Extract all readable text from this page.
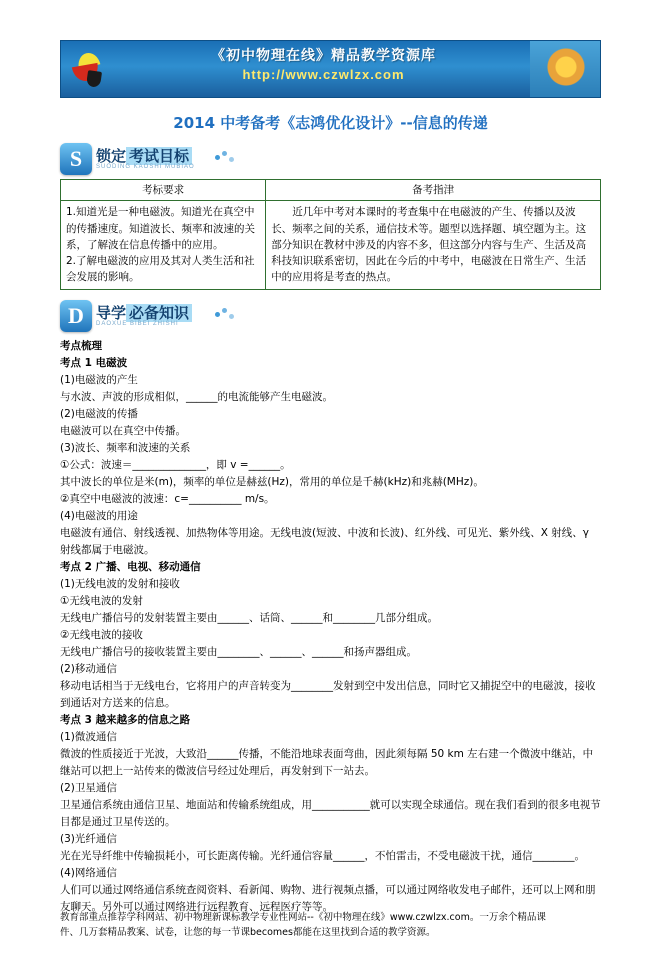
《初中物理在线》精品教学资源库
http://www.czwlzx.com
2014 中考备考《志鸿优化设计》--信息的传递
S 锁定 考试目标
SUODING KAOSHI MUBIAO
考标要求	备考指津

1.知道光是一种电磁波。知道光在真空中的传播速度。知道波长、频率和波速的关系，了解波在信息传播中的应用。

2.了解电磁波的应用及其对人类生活和社会发展的影响。	近几年中考对本课时的考查集中在电磁波的产生、传播以及波长、频率之间的关系，通信技术等。题型以选择题、填空题为主。这部分知识在教材中涉及的内容不多，但这部分内容与生产、生活及高科技知识联系密切，因此在今后的中考中，电磁波在日常生产、生活中的应用将是考查的热点。

D 导学 必备知识
DAOXUE BIBEI ZHISHI

考点梳理

考点 1 电磁波

(1)电磁波的产生

与水波、声波的形成相似，______的电流能够产生电磁波。

(2)电磁波的传播

电磁波可以在真空中传播。

(3)波长、频率和波速的关系

①公式：波速＝______________，即 v =______。

其中波长的单位是米(m)，频率的单位是赫兹(Hz)，常用的单位是千赫(kHz)和兆赫(MHz)。

②真空中电磁波的波速：c=__________ m/s。

(4)电磁波的用途

电磁波有通信、射线透视、加热物体等用途。无线电波(短波、中波和长波)、红外线、可见光、紫外线、X 射线、γ 射线都属于电磁波。

考点 2 广播、电视、移动通信

(1)无线电波的发射和接收

①无线电波的发射

无线电广播信号的发射装置主要由______、话筒、______和________几部分组成。

②无线电波的接收

无线电广播信号的接收装置主要由________、______、______和扬声器组成。

(2)移动通信

移动电话相当于无线电台，它将用户的声音转变为________发射到空中发出信息，同时它又捕捉空中的电磁波，接收到通话对方送来的信息。

考点 3 越来越多的信息之路

(1)微波通信

微波的性质接近于光波，大致沿______传播，不能沿地球表面弯曲，因此须每隔 50 km 左右建一个微波中继站，中继站可以把上一站传来的微波信号经过处理后，再发射到下一站去。

(2)卫星通信

卫星通信系统由通信卫星、地面站和传输系统组成，用___________就可以实现全球通信。现在我们看到的很多电视节目都是通过卫星传送的。

(3)光纤通信

光在光导纤维中传输损耗小，可长距离传输。光纤通信容量______，不怕雷击，不受电磁波干扰，通信________。

(4)网络通信

人们可以通过网络通信系统查阅资料、看新闻、购物、进行视频点播，可以通过网络收发电子邮件，还可以上网和朋友聊天。另外可以通过网络进行远程教育、远程医疗等等。

教育部重点推荐学科网站、初中物理新课标教学专业性网站--《初中物理在线》www.czwlzx.com。一万余个精品课

件、几万套精品教案、试卷，让您的每一节课becomes都能在这里找到合适的教学资源。
